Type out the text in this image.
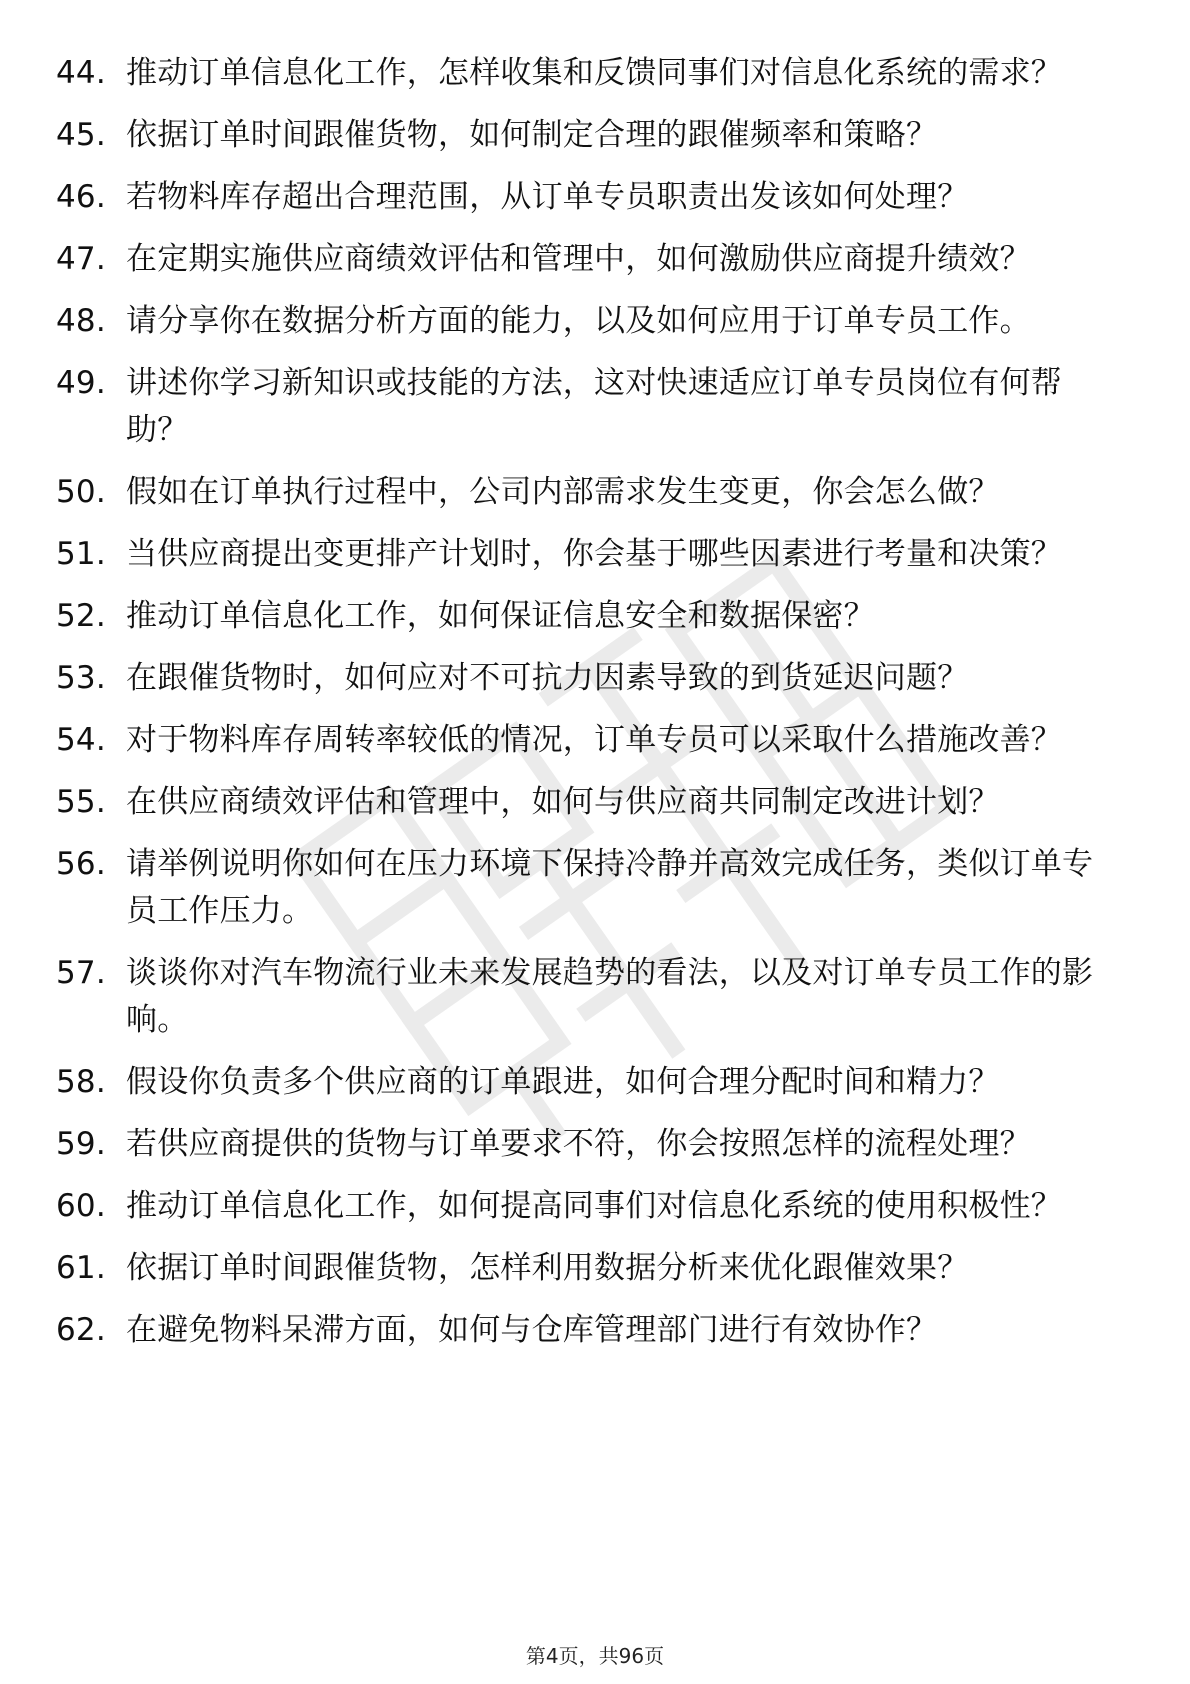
44. 推动订单信息化工作，怎样收集和反馈同事们对信息化系统的需求？
45. 依据订单时间跟催货物，如何制定合理的跟催频率和策略？
46. 若物料库存超出合理范围，从订单专员职责出发该如何处理？
47. 在定期实施供应商绩效评估和管理中，如何激励供应商提升绩效？
48. 请分享你在数据分析方面的能力，以及如何应用于订单专员工作。
49. 讲述你学习新知识或技能的方法，这对快速适应订单专员岗位有何帮助？
50. 假如在订单执行过程中，公司内部需求发生变更，你会怎么做？
51. 当供应商提出变更排产计划时，你会基于哪些因素进行考量和决策？
52. 推动订单信息化工作，如何保证信息安全和数据保密？
53. 在跟催货物时，如何应对不可抗力因素导致的到货延迟问题？
54. 对于物料库存周转率较低的情况，订单专员可以采取什么措施改善？
55. 在供应商绩效评估和管理中，如何与供应商共同制定改进计划？
56. 请举例说明你如何在压力环境下保持冷静并高效完成任务，类似订单专员工作压力。
57. 谈谈你对汽车物流行业未来发展趋势的看法，以及对订单专员工作的影响。
58. 假设你负责多个供应商的订单跟进，如何合理分配时间和精力？
59. 若供应商提供的货物与订单要求不符，你会按照怎样的流程处理？
60. 推动订单信息化工作，如何提高同事们对信息化系统的使用积极性？
61. 依据订单时间跟催货物，怎样利用数据分析来优化跟催效果？
62. 在避免物料呆滞方面，如何与仓库管理部门进行有效协作？
第4页，共96页
